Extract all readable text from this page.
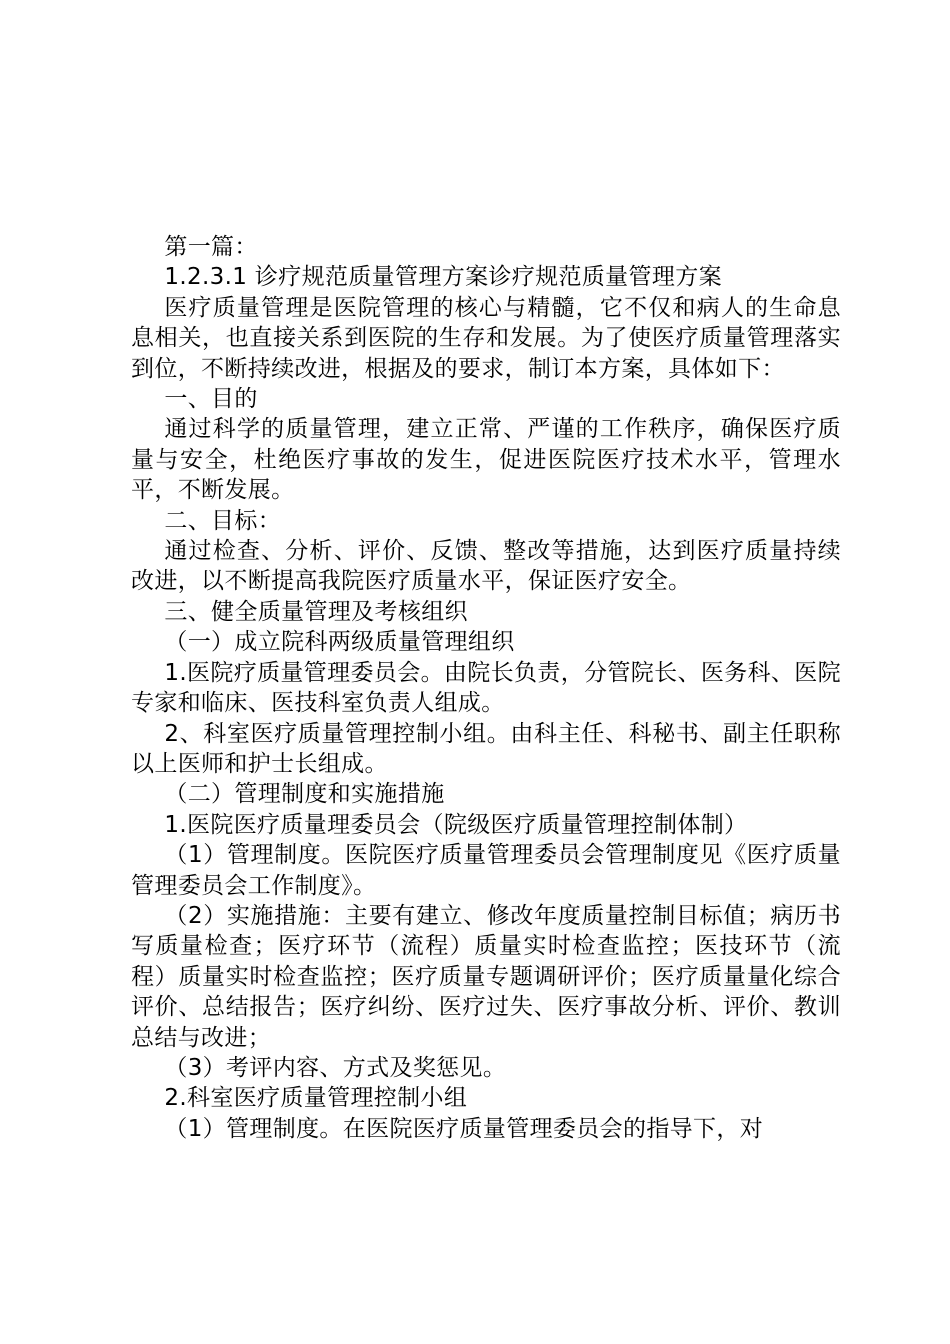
第一篇：

1.2.3.1 诊疗规范质量管理方案诊疗规范质量管理方案

医疗质量管理是医院管理的核心与精髓，它不仅和病人的生命息息相关，也直接关系到医院的生存和发展。为了使医疗质量管理落实到位，不断持续改进，根据及的要求，制订本方案，具体如下：

一、目的

通过科学的质量管理，建立正常、严谨的工作秩序，确保医疗质量与安全，杜绝医疗事故的发生，促进医院医疗技术水平，管理水平，不断发展。

二、目标：

通过检查、分析、评价、反馈、整改等措施，达到医疗质量持续改进，以不断提高我院医疗质量水平，保证医疗安全。

三、健全质量管理及考核组织

（一）成立院科两级质量管理组织

1.医院疗质量管理委员会。由院长负责，分管院长、医务科、医院专家和临床、医技科室负责人组成。

2、科室医疗质量管理控制小组。由科主任、科秘书、副主任职称以上医师和护士长组成。

（二）管理制度和实施措施

1.医院医疗质量理委员会（院级医疗质量管理控制体制）

（1）管理制度。医院医疗质量管理委员会管理制度见《医疗质量管理委员会工作制度》。

（2）实施措施：主要有建立、修改年度质量控制目标值；病历书写质量检查；医疗环节（流程）质量实时检查监控；医技环节（流程）质量实时检查监控；医疗质量专题调研评价；医疗质量量化综合评价、总结报告；医疗纠纷、医疗过失、医疗事故分析、评价、教训总结与改进；

（3）考评内容、方式及奖惩见。

2.科室医疗质量管理控制小组

（1）管理制度。在医院医疗质量管理委员会的指导下，对
